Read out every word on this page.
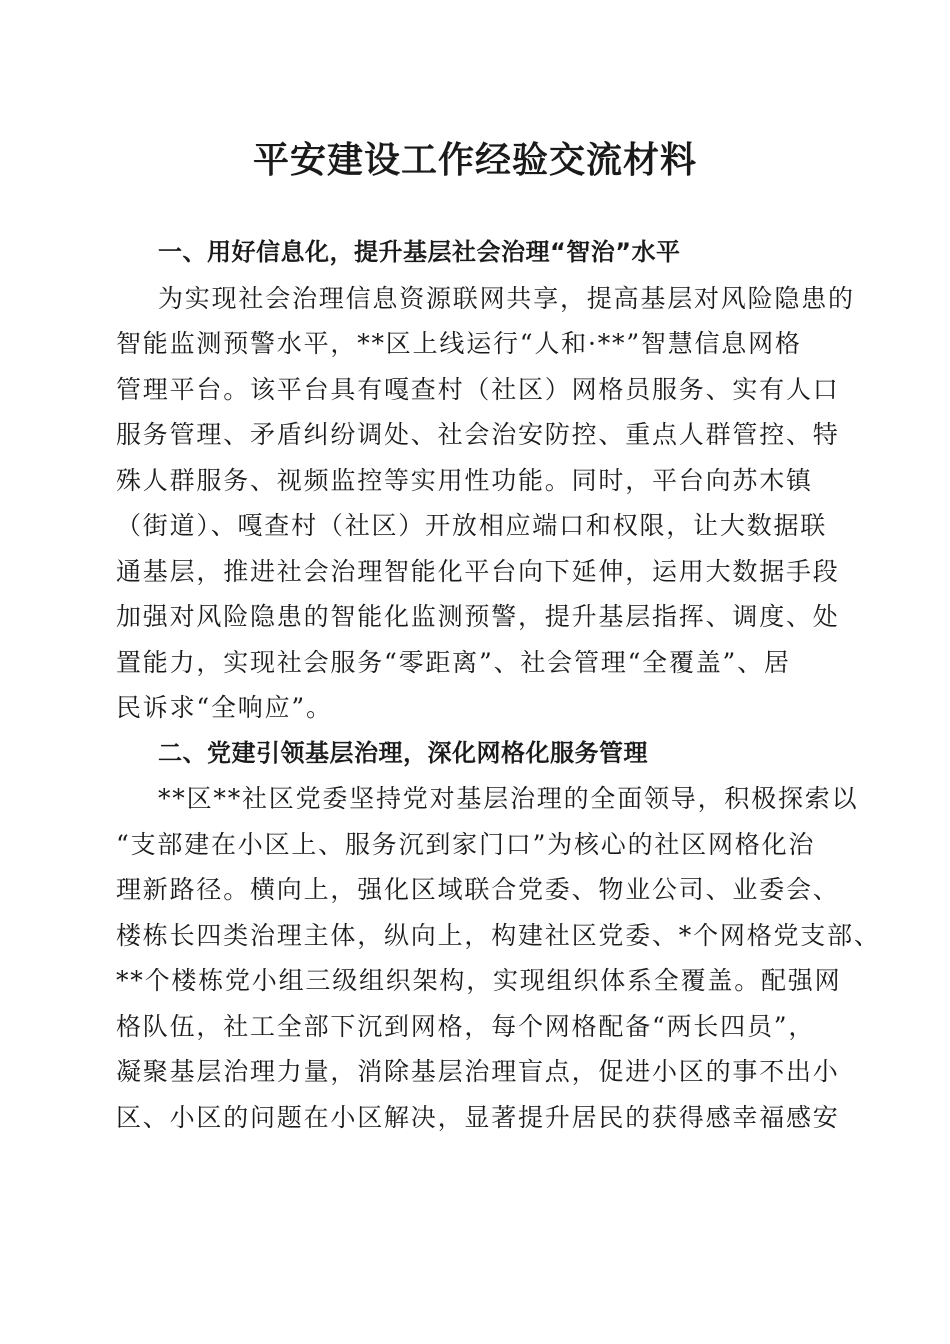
平安建设工作经验交流材料
一、用好信息化，提升基层社会治理“智治”水平
为实现社会治理信息资源联网共享，提高基层对风险隐患的
智能监测预警水平，**区上线运行“人和·**”智慧信息网格
管理平台。该平台具有嘎查村（社区）网格员服务、实有人口
服务管理、矛盾纠纷调处、社会治安防控、重点人群管控、特
殊人群服务、视频监控等实用性功能。同时，平台向苏木镇
（街道）、嘎查村（社区）开放相应端口和权限，让大数据联
通基层，推进社会治理智能化平台向下延伸，运用大数据手段
加强对风险隐患的智能化监测预警，提升基层指挥、调度、处
置能力，实现社会服务“零距离”、社会管理“全覆盖”、居
民诉求“全响应”。
二、党建引领基层治理，深化网格化服务管理
**区**社区党委坚持党对基层治理的全面领导，积极探索以
“支部建在小区上、服务沉到家门口”为核心的社区网格化治
理新路径。横向上，强化区域联合党委、物业公司、业委会、
楼栋长四类治理主体，纵向上，构建社区党委、*个网格党支部、
**个楼栋党小组三级组织架构，实现组织体系全覆盖。配强网
格队伍，社工全部下沉到网格，每个网格配备“两长四员”，
凝聚基层治理力量，消除基层治理盲点，促进小区的事不出小
区、小区的问题在小区解决，显著提升居民的获得感幸福感安
